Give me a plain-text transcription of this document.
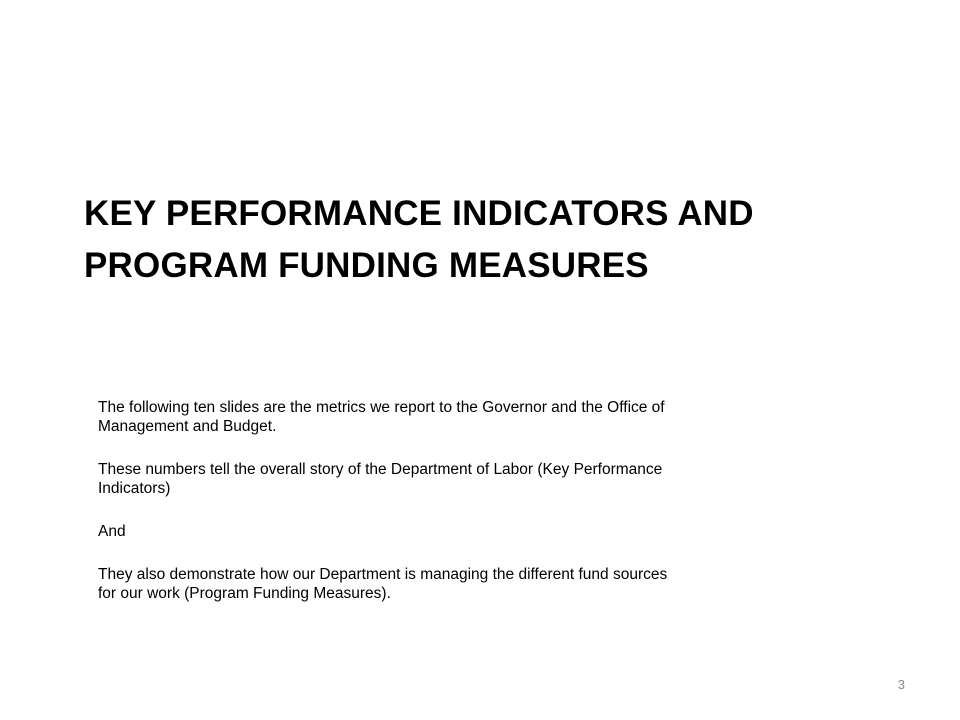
KEY PERFORMANCE INDICATORS AND
PROGRAM FUNDING MEASURES

The following ten slides are the metrics we report to the Governor and the Office of
Management and Budget.

These numbers tell the overall story of the Department of Labor (Key Performance
Indicators)

And

They also demonstrate how our Department is managing the different fund sources
for our work (Program Funding Measures).

3
